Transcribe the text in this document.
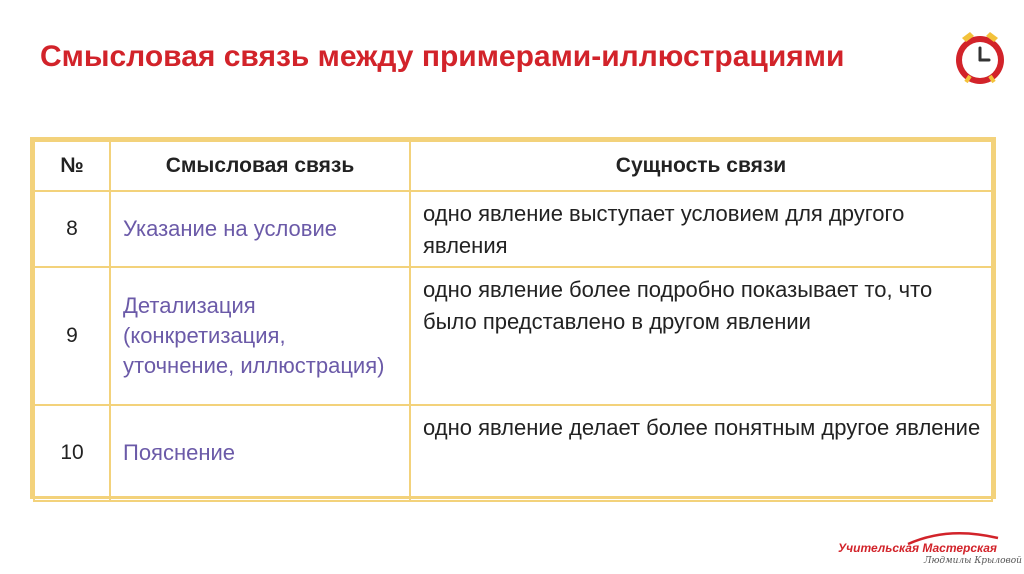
Смысловая связь между примерами-иллюстрациями
№	Смысловая связь	Сущность связи
8	Указание на условие	одно явление выступает условием для другого явления
9	Детализация (конкретизация, уточнение, иллюстрация)	одно явление более подробно показывает то, что было представлено в другом явлении
10	Пояснение	одно явление делает более понятным другое явление
Учительская Мастерская
Людмилы Крыловой
